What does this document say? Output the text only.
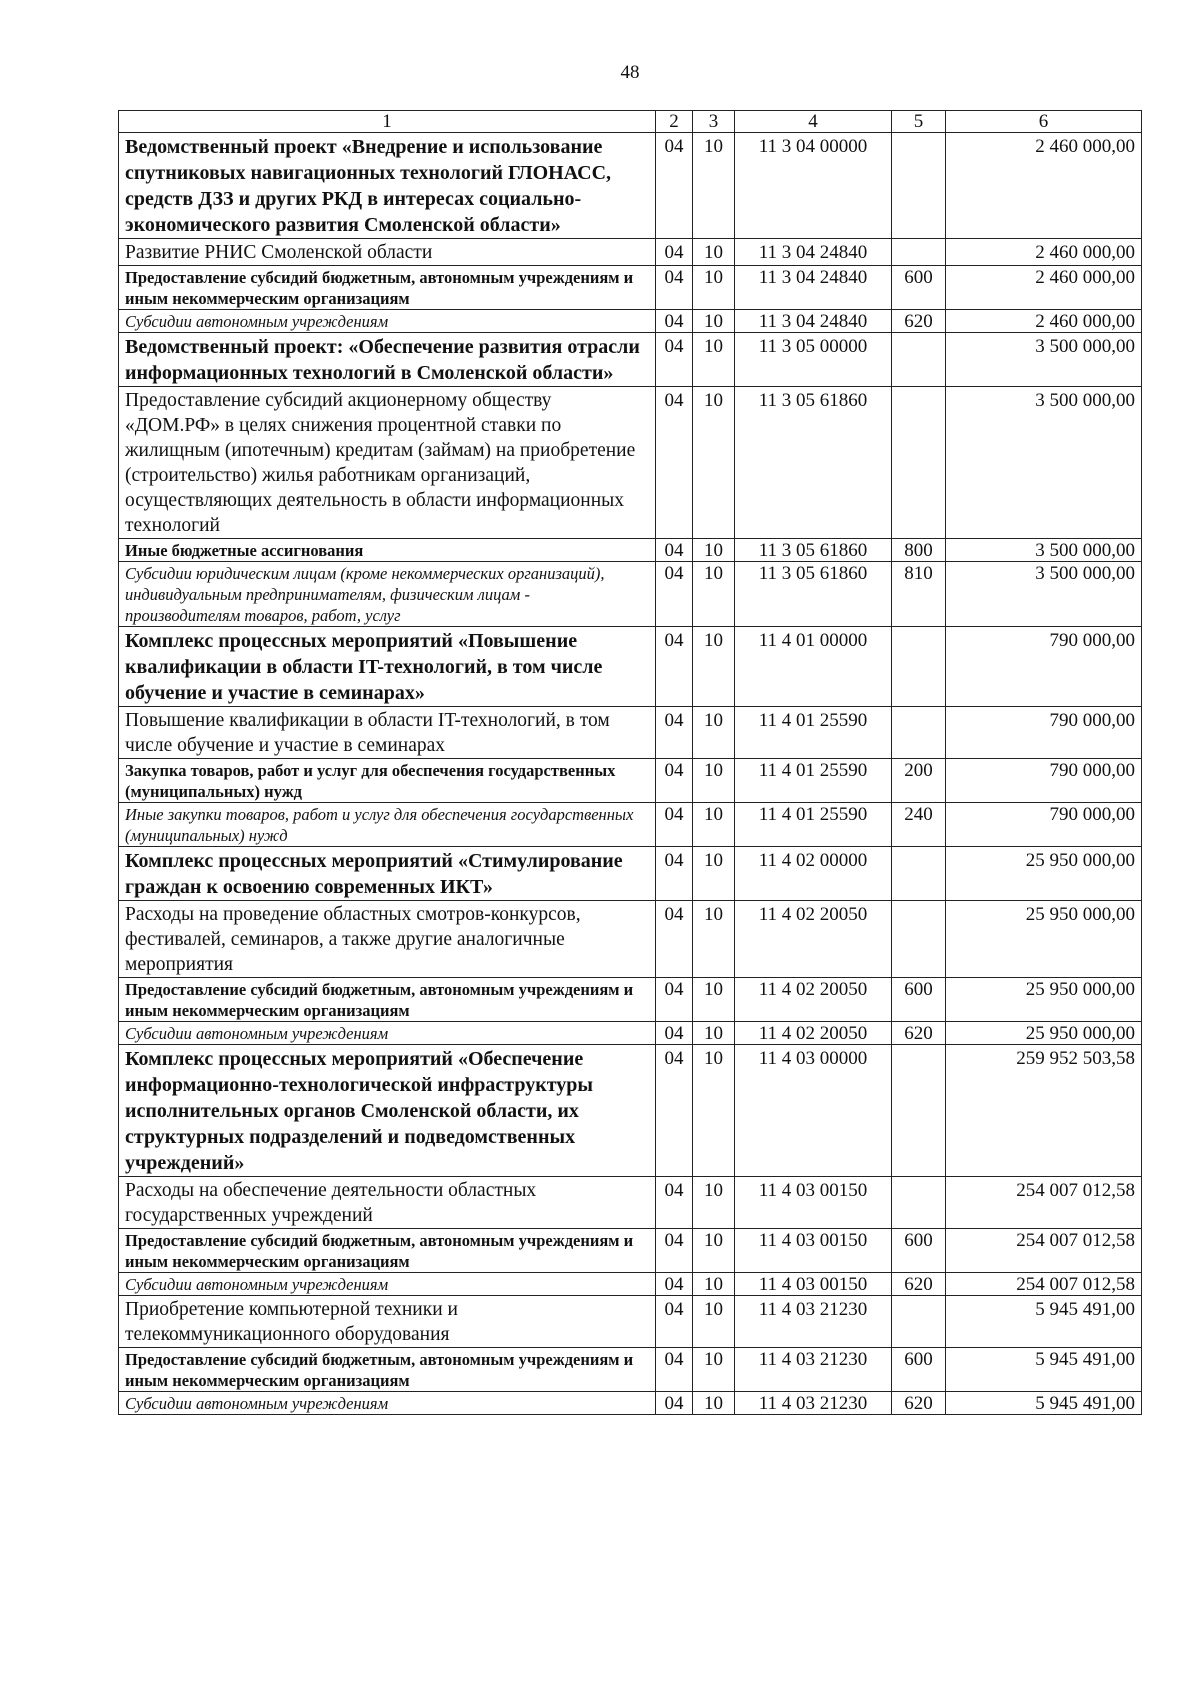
48
1	2	3	4	5	6
Ведомственный проект «Внедрение и использование спутниковых навигационных технологий ГЛОНАСС, средств ДЗЗ и других РКД в интересах социально-экономического развития Смоленской области»	04	10	11 3 04 00000		2 460 000,00
Развитие РНИС Смоленской области	04	10	11 3 04 24840		2 460 000,00
Предоставление субсидий бюджетным, автономным учреждениям и иным некоммерческим организациям	04	10	11 3 04 24840	600	2 460 000,00
Субсидии автономным учреждениям	04	10	11 3 04 24840	620	2 460 000,00
Ведомственный проект: «Обеспечение развития отрасли информационных технологий в Смоленской области»	04	10	11 3 05 00000		3 500 000,00
Предоставление субсидий акционерному обществу «ДОМ.РФ» в целях снижения процентной ставки по жилищным (ипотечным) кредитам (займам) на приобретение (строительство) жилья работникам организаций, осуществляющих деятельность в области информационных технологий	04	10	11 3 05 61860		3 500 000,00
Иные бюджетные ассигнования	04	10	11 3 05 61860	800	3 500 000,00
Субсидии юридическим лицам (кроме некоммерческих организаций), индивидуальным предпринимателям, физическим лицам - производителям товаров, работ, услуг	04	10	11 3 05 61860	810	3 500 000,00
Комплекс процессных мероприятий «Повышение квалификации в области IT-технологий, в том числе обучение и участие в семинарах»	04	10	11 4 01 00000		790 000,00
Повышение квалификации в области IT-технологий, в том числе обучение и участие в семинарах	04	10	11 4 01 25590		790 000,00
Закупка товаров, работ и услуг для обеспечения государственных (муниципальных) нужд	04	10	11 4 01 25590	200	790 000,00
Иные закупки товаров, работ и услуг для обеспечения государственных (муниципальных) нужд	04	10	11 4 01 25590	240	790 000,00
Комплекс процессных мероприятий «Стимулирование граждан к освоению современных ИКТ»	04	10	11 4 02 00000		25 950 000,00
Расходы на проведение областных смотров-конкурсов, фестивалей, семинаров, а также другие аналогичные мероприятия	04	10	11 4 02 20050		25 950 000,00
Предоставление субсидий бюджетным, автономным учреждениям и иным некоммерческим организациям	04	10	11 4 02 20050	600	25 950 000,00
Субсидии автономным учреждениям	04	10	11 4 02 20050	620	25 950 000,00
Комплекс процессных мероприятий «Обеспечение информационно-технологической инфраструктуры исполнительных органов Смоленской области, их структурных подразделений и подведомственных учреждений»	04	10	11 4 03 00000		259 952 503,58
Расходы на обеспечение деятельности областных государственных учреждений	04	10	11 4 03 00150		254 007 012,58
Предоставление субсидий бюджетным, автономным учреждениям и иным некоммерческим организациям	04	10	11 4 03 00150	600	254 007 012,58
Субсидии автономным учреждениям	04	10	11 4 03 00150	620	254 007 012,58
Приобретение компьютерной техники и телекоммуникационного оборудования	04	10	11 4 03 21230		5 945 491,00
Предоставление субсидий бюджетным, автономным учреждениям и иным некоммерческим организациям	04	10	11 4 03 21230	600	5 945 491,00
Субсидии автономным учреждениям	04	10	11 4 03 21230	620	5 945 491,00
